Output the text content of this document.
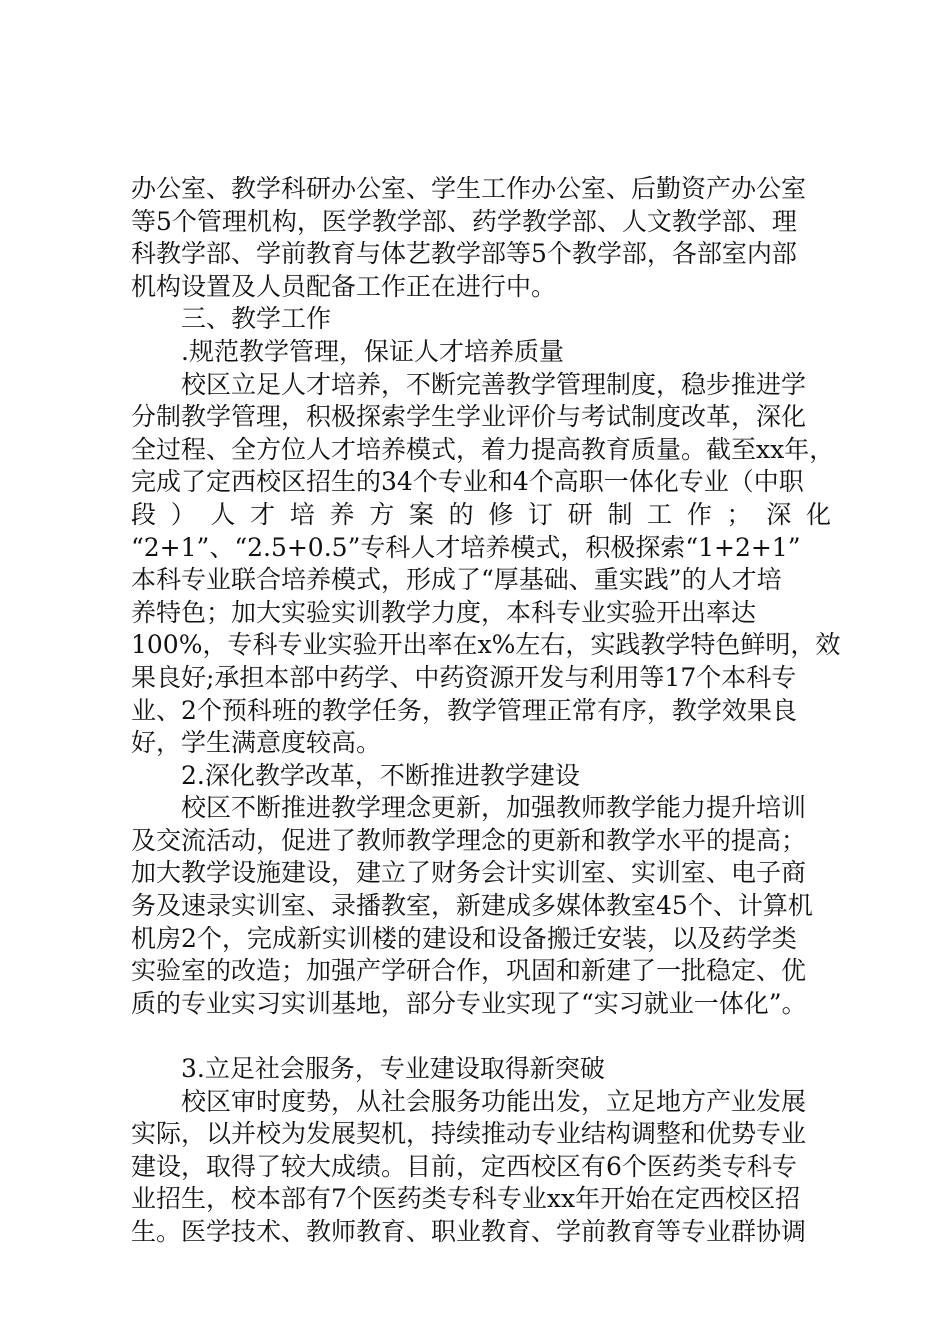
办公室、教学科研办公室、学生工作办公室、后勤资产办公室
等5个管理机构，医学教学部、药学教学部、人文教学部、理
科教学部、学前教育与体艺教学部等5个教学部，各部室内部
机构设置及人员配备工作正在进行中。
三、教学工作
.规范教学管理，保证人才培养质量
校区立足人才培养，不断完善教学管理制度，稳步推进学
分制教学管理，积极探索学生学业评价与考试制度改革，深化
全过程、全方位人才培养模式，着力提高教育质量。截至xx年，
完成了定西校区招生的34个专业和4个高职一体化专业（中职
段 ） 人 才 培 养 方 案 的 修 订 研 制 工 作 ； 深 化
“2+1”、“2.5+0.5”专科人才培养模式，积极探索“1+2+1”
本科专业联合培养模式，形成了“厚基础、重实践”的人才培
养特色；加大实验实训教学力度，本科专业实验开出率达
100%，专科专业实验开出率在x%左右，实践教学特色鲜明，效
果良好;承担本部中药学、中药资源开发与利用等17个本科专
业、2个预科班的教学任务，教学管理正常有序，教学效果良
好，学生满意度较高。
2.深化教学改革，不断推进教学建设
校区不断推进教学理念更新，加强教师教学能力提升培训
及交流活动，促进了教师教学理念的更新和教学水平的提高；
加大教学设施建设，建立了财务会计实训室、实训室、电子商
务及速录实训室、录播教室，新建成多媒体教室45个、计算机
机房2个，完成新实训楼的建设和设备搬迁安装，以及药学类
实验室的改造；加强产学研合作，巩固和新建了一批稳定、优
质的专业实习实训基地，部分专业实现了“实习就业一体化”。
3.立足社会服务，专业建设取得新突破
校区审时度势，从社会服务功能出发，立足地方产业发展
实际，以并校为发展契机，持续推动专业结构调整和优势专业
建设，取得了较大成绩。目前，定西校区有6个医药类专科专
业招生，校本部有7个医药类专科专业xx年开始在定西校区招
生。医学技术、教师教育、职业教育、学前教育等专业群协调
